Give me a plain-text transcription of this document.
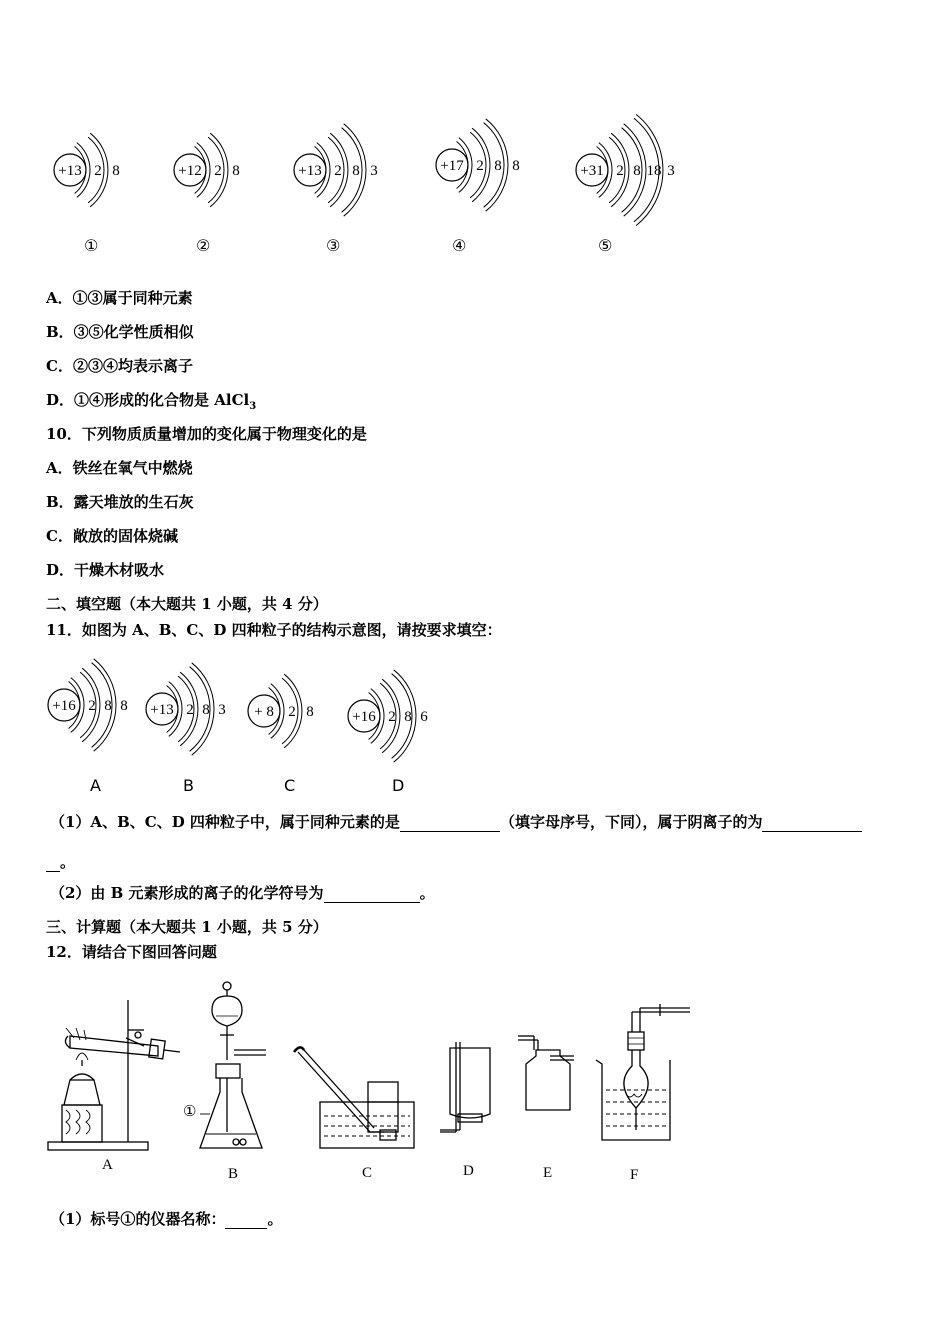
+13 2 8
①
+12 2 8
②
+13 2 8 3
③
+17 2 8 8
④
+31 2 8 18 3
⑤
A．①③属于同种元素
B．③⑤化学性质相似
C．②③④均表示离子
D．①④形成的化合物是 AlCl$_3$
10．下列物质质量增加的变化属于物理变化的是
A．铁丝在氧气中燃烧
B．露天堆放的生石灰
C．敞放的固体烧碱
D．干燥木材吸水
二、填空题（本大题共 1 小题，共 4 分）
11．如图为 A、B、C、D 四种粒子的结构示意图，请按要求填空：
+16 2 8 8
A
+13 2 8 3
B
+ 8 2 8
C
+16 2 8 6
D
（1）A、B、C、D 四种粒子中，属于同种元素的是	（填字母序号，下同），属于阴离子的为
。
（2）由 B 元素形成的离子的化学符号为	。
三、计算题（本大题共 1 小题，共 5 分）
12．请结合下图回答问题
①
A
B	C	D	E	F
（1）标号①的仪器名称：	。
